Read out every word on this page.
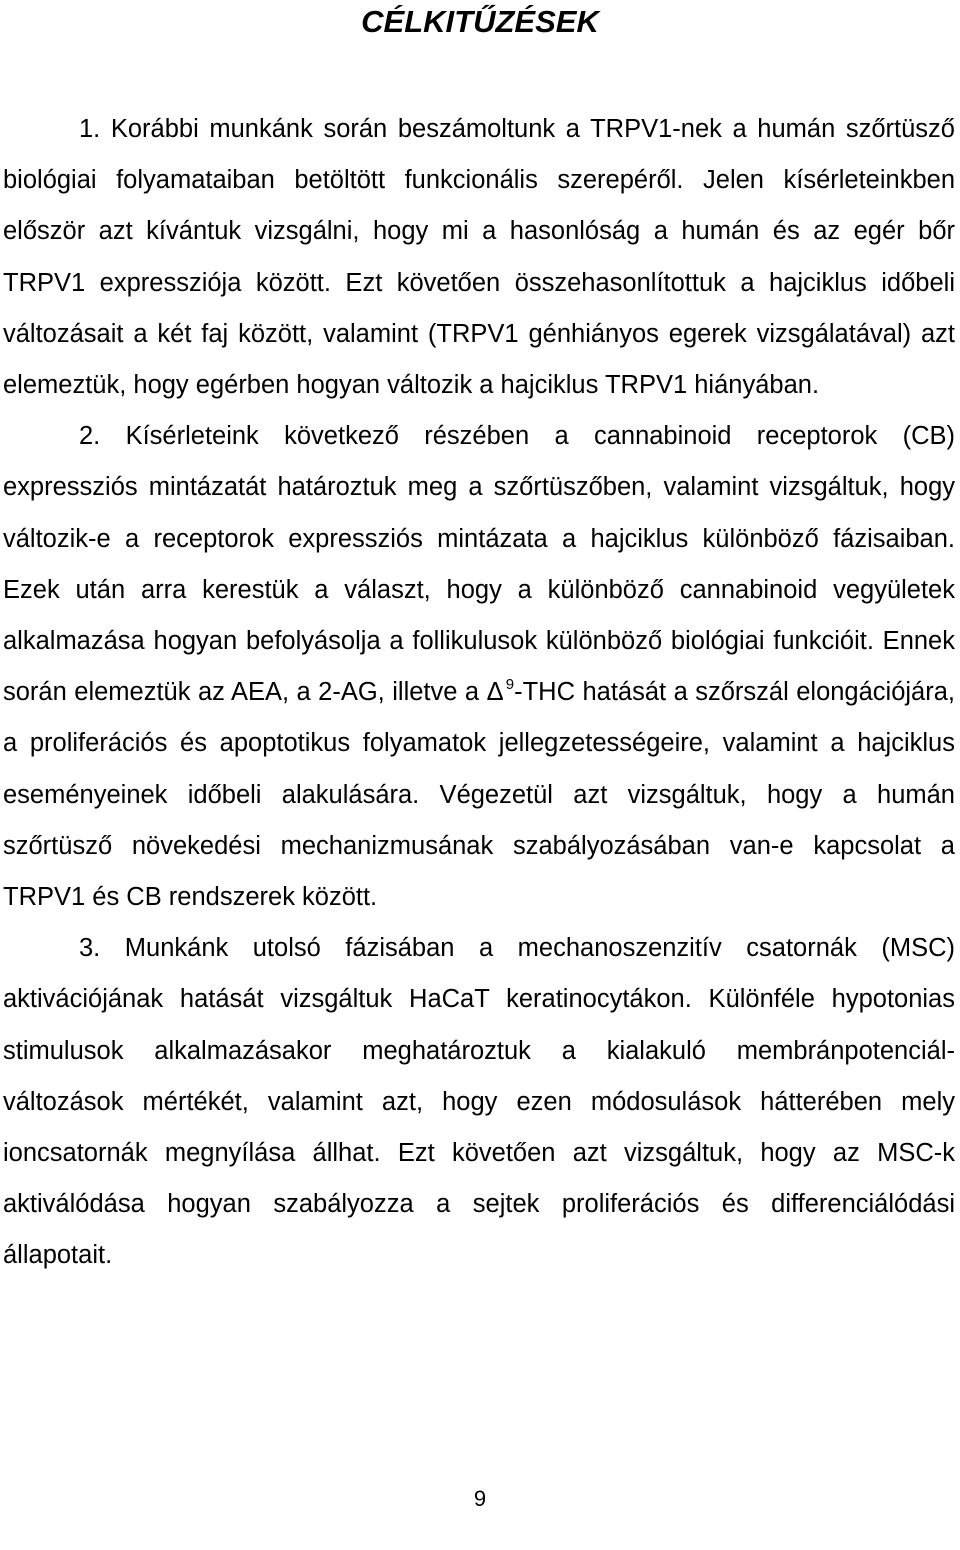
CÉLKITŰZÉSEK

1. Korábbi munkánk során beszámoltunk a TRPV1-nek a humán szőrtüsző biológiai folyamataiban betöltött funkcionális szerepéről. Jelen kísérleteinkben először azt kívántuk vizsgálni, hogy mi a hasonlóság a humán és az egér bőr TRPV1 expressziója között. Ezt követően összehasonlítottuk a hajciklus időbeli változásait a két faj között, valamint (TRPV1 génhiányos egerek vizsgálatával) azt elemeztük, hogy egérben hogyan változik a hajciklus TRPV1 hiányában.

2. Kísérleteink következő részében a cannabinoid receptorok (CB) expressziós mintázatát határoztuk meg a szőrtüszőben, valamint vizsgáltuk, hogy változik-e a receptorok expressziós mintázata a hajciklus különböző fázisaiban. Ezek után arra kerestük a választ, hogy a különböző cannabinoid vegyületek alkalmazása hogyan befolyásolja a follikulusok különböző biológiai funkcióit. Ennek során elemeztük az AEA, a 2-AG, illetve a Δ  $^9$-THC hatását a szőrszál elongációjára, a proliferációs és apoptotikus folyamatok jellegzetességeire, valamint a hajciklus eseményeinek időbeli alakulására. Végezetül azt vizsgáltuk, hogy a humán szőrtüsző növekedési mechanizmusának szabályozásában van-e kapcsolat a TRPV1 és CB rendszerek között.

3. Munkánk utolsó fázisában a mechanoszenzitív csatornák (MSC) aktivációjának hatását vizsgáltuk HaCaT keratinocytákon. Különféle hypotonias stimulusok alkalmazásakor meghatároztuk a kialakuló membránpotenciál-változások mértékét, valamint azt, hogy ezen módosulások hátterében mely ioncsatornák megnyílása állhat. Ezt követően azt vizsgáltuk, hogy az MSC-k aktiválódása hogyan szabályozza a sejtek proliferációs és differenciálódási állapotait.

9
